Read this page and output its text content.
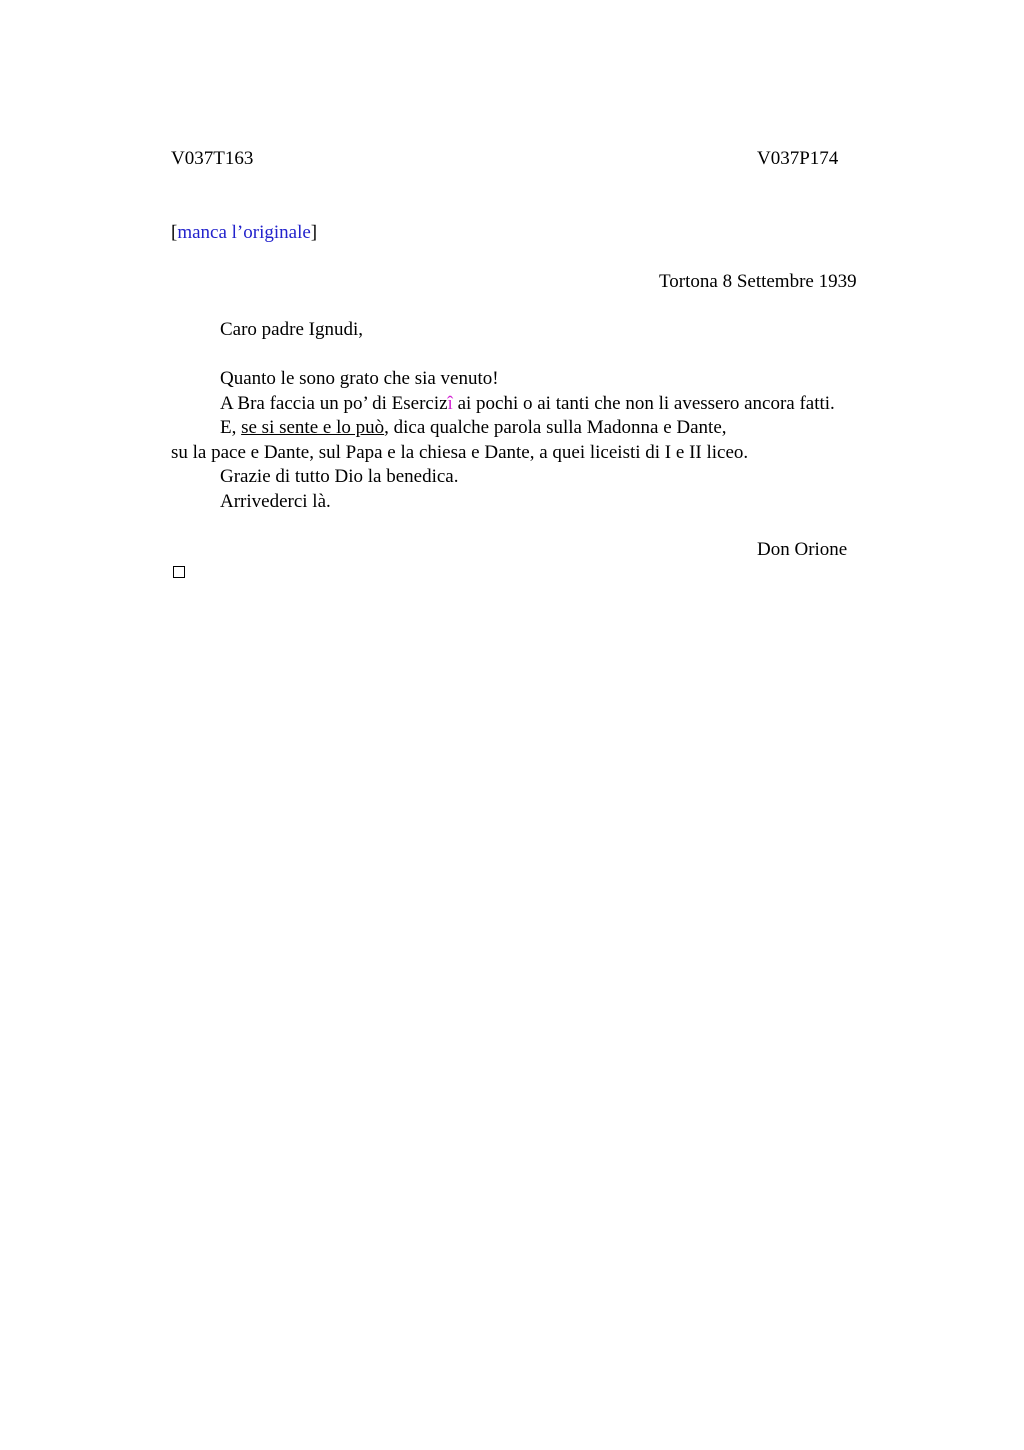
V037T163	V037P174
[manca l’originale]
Tortona 8 Settembre 1939
Caro padre Ignudi,
Quanto le sono grato che sia venuto!
A Bra faccia un po’ di Esercizî ai pochi o ai tanti che non li avessero ancora fatti.
E, se si sente e lo può, dica qualche parola sulla Madonna e Dante,
su la pace e Dante, sul Papa e la chiesa e Dante, a quei liceisti di I e II liceo.
Grazie di tutto Dio la benedica.
Arrivederci là.
Don Orione
